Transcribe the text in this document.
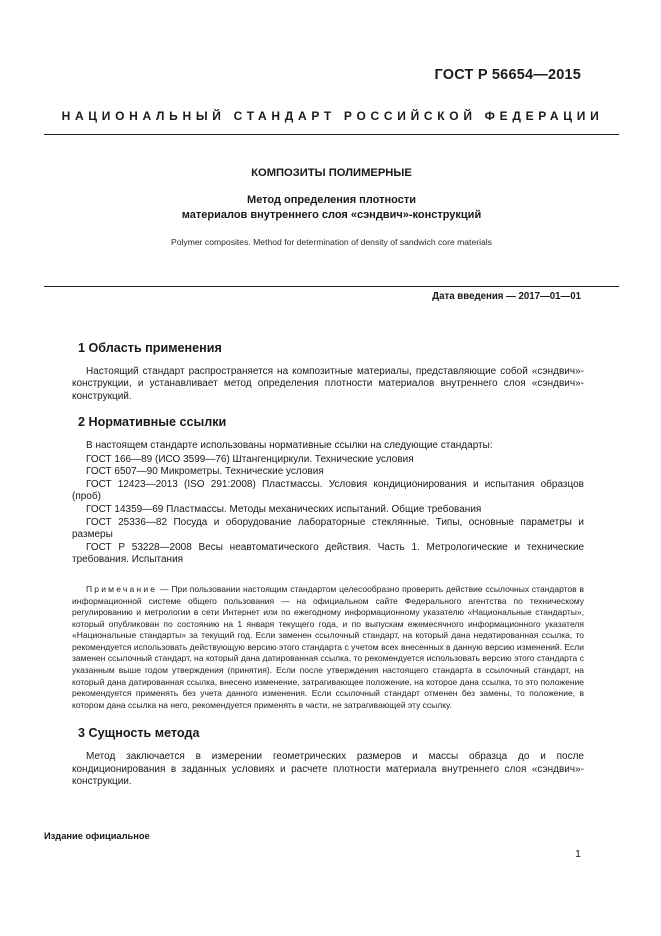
ГОСТ Р 56654—2015

НАЦИОНАЛЬНЫЙ СТАНДАРТ РОССИЙСКОЙ ФЕДЕРАЦИИ

КОМПОЗИТЫ ПОЛИМЕРНЫЕ

Метод определения плотности

материалов внутреннего слоя «сэндвич»-конструкций

Polymer composites. Method for determination of density of sandwich core materials

Дата введения — 2017—01—01

1 Область применения

Настоящий стандарт распространяется на композитные материалы, представляющие собой «сэндвич»-конструкции, и устанавливает метод определения плотности материалов внутреннего слоя «сэндвич»-конструкций.

2 Нормативные ссылки

В настоящем стандарте использованы нормативные ссылки на следующие стандарты:

ГОСТ 166—89 (ИСО 3599—76) Штангенциркули. Технические условия
ГОСТ 6507—90 Микрометры. Технические условия
ГОСТ 12423—2013 (ISO 291:2008) Пластмассы. Условия кондиционирования и испытания образцов (проб)
ГОСТ 14359—69 Пластмассы. Методы механических испытаний. Общие требования
ГОСТ 25336—82 Посуда и оборудование лабораторные стеклянные. Типы, основные параметры и размеры
ГОСТ Р 53228—2008 Весы неавтоматического действия. Часть 1. Метрологические и технические требования. Испытания

Примечание — При пользовании настоящим стандартом целесообразно проверить действие ссылочных стандартов в информационной системе общего пользования — на официальном сайте Федерального агентства по техническому регулированию и метрологии в сети Интернет или по ежегодному информационному указателю «Национальные стандарты», который опубликован по состоянию на 1 января текущего года, и по выпускам ежемесячного информационного указателя «Национальные стандарты» за текущий год. Если заменен ссылочный стандарт, на который дана недатированная ссылка, то рекомендуется использовать действующую версию этого стандарта с учетом всех внесенных в данную версию изменений. Если заменен ссылочный стандарт, на который дана датированная ссылка, то рекомендуется использовать версию этого стандарта с указанным выше годом утверждения (принятия). Если после утверждения настоящего стандарта в ссылочный стандарт, на который дана датированная ссылка, внесено изменение, затрагивающее положение, на которое дана ссылка, то это положение рекомендуется применять без учета данного изменения. Если ссылочный стандарт отменен без замены, то положение, в котором дана ссылка на него, рекомендуется применять в части, не затрагивающей эту ссылку.

3 Сущность метода

Метод заключается в измерении геометрических размеров и массы образца до и после кондиционирования в заданных условиях и расчете плотности материала внутреннего слоя «сэндвич»-конструкции.

Издание официальное

1
